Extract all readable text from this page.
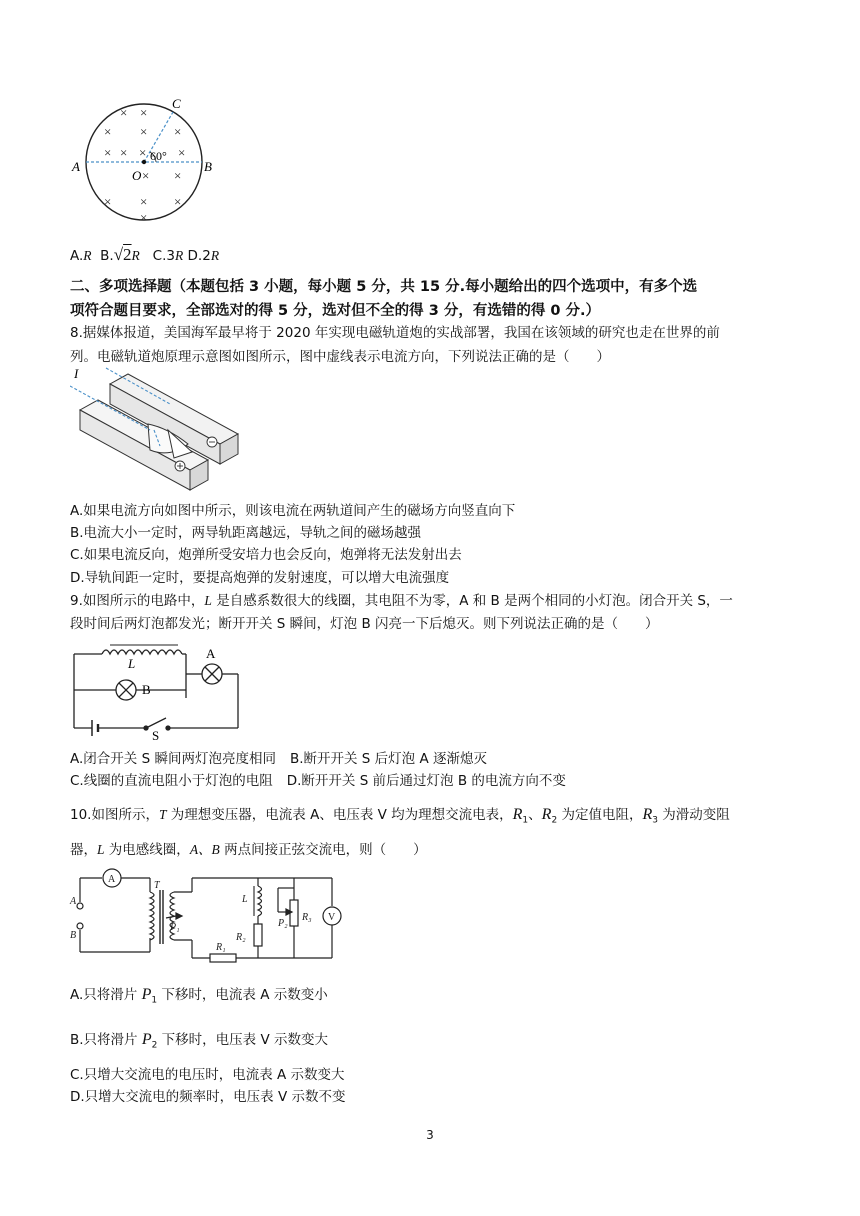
× ×
× × ×
× × × ×
×
×
× × ×
×
60°
A	B
C
O
A.R B.√2R C.3R D.2R
二、多项选择题（本题包括 3 小题，每小题 5 分，共 15 分.每小题给出的四个选项中，有多个选
项符合题目要求，全部选对的得 5 分，选对但不全的得 3 分，有选错的得 0 分.）
8.据媒体报道，美国海军最早将于 2020 年实现电磁轨道炮的实战部署，我国在该领域的研究也走在世界的前
列。电磁轨道炮原理示意图如图所示，图中虚线表示电流方向，下列说法正确的是（　　）
I
A.如果电流方向如图中所示，则该电流在两轨道间产生的磁场方向竖直向下
B.电流大小一定时，两导轨距离越远，导轨之间的磁场越强
C.如果电流反向，炮弹所受安培力也会反向，炮弹将无法发射出去
D.导轨间距一定时，要提高炮弹的发射速度，可以增大电流强度
9.如图所示的电路中，L 是自感系数很大的线圈，其电阻不为零，A 和 B 是两个相同的小灯泡。闭合开关 S，一
段时间后两灯泡都发光；断开开关 S 瞬间，灯泡 B 闪亮一下后熄灭。则下列说法正确的是（　　）
L
A
B
S
A.闭合开关 S 瞬间两灯泡亮度相同 B.断开开关 S 后灯泡 A 逐渐熄灭
C.线圈的直流电阻小于灯泡的电阻 D.断开开关 S 前后通过灯泡 B 的电流方向不变
10.如图所示，T 为理想变压器，电流表 A、电压表 V 均为理想交流电表，$R_1$、$R_2$ 为定值电阻，$R_3$ 为滑动变阻
器，L 为电感线圈，A、B 两点间接正弦交流电，则（　　）
A
A
B
T
P₁
L
R₁
R₂
R₃
P₂
V
A.只将滑片 $P_1$ 下移时，电流表 A 示数变小
B.只将滑片 $P_2$ 下移时，电压表 V 示数变大
C.只增大交流电的电压时，电流表 A 示数变大
D.只增大交流电的频率时，电压表 V 示数不变
3
